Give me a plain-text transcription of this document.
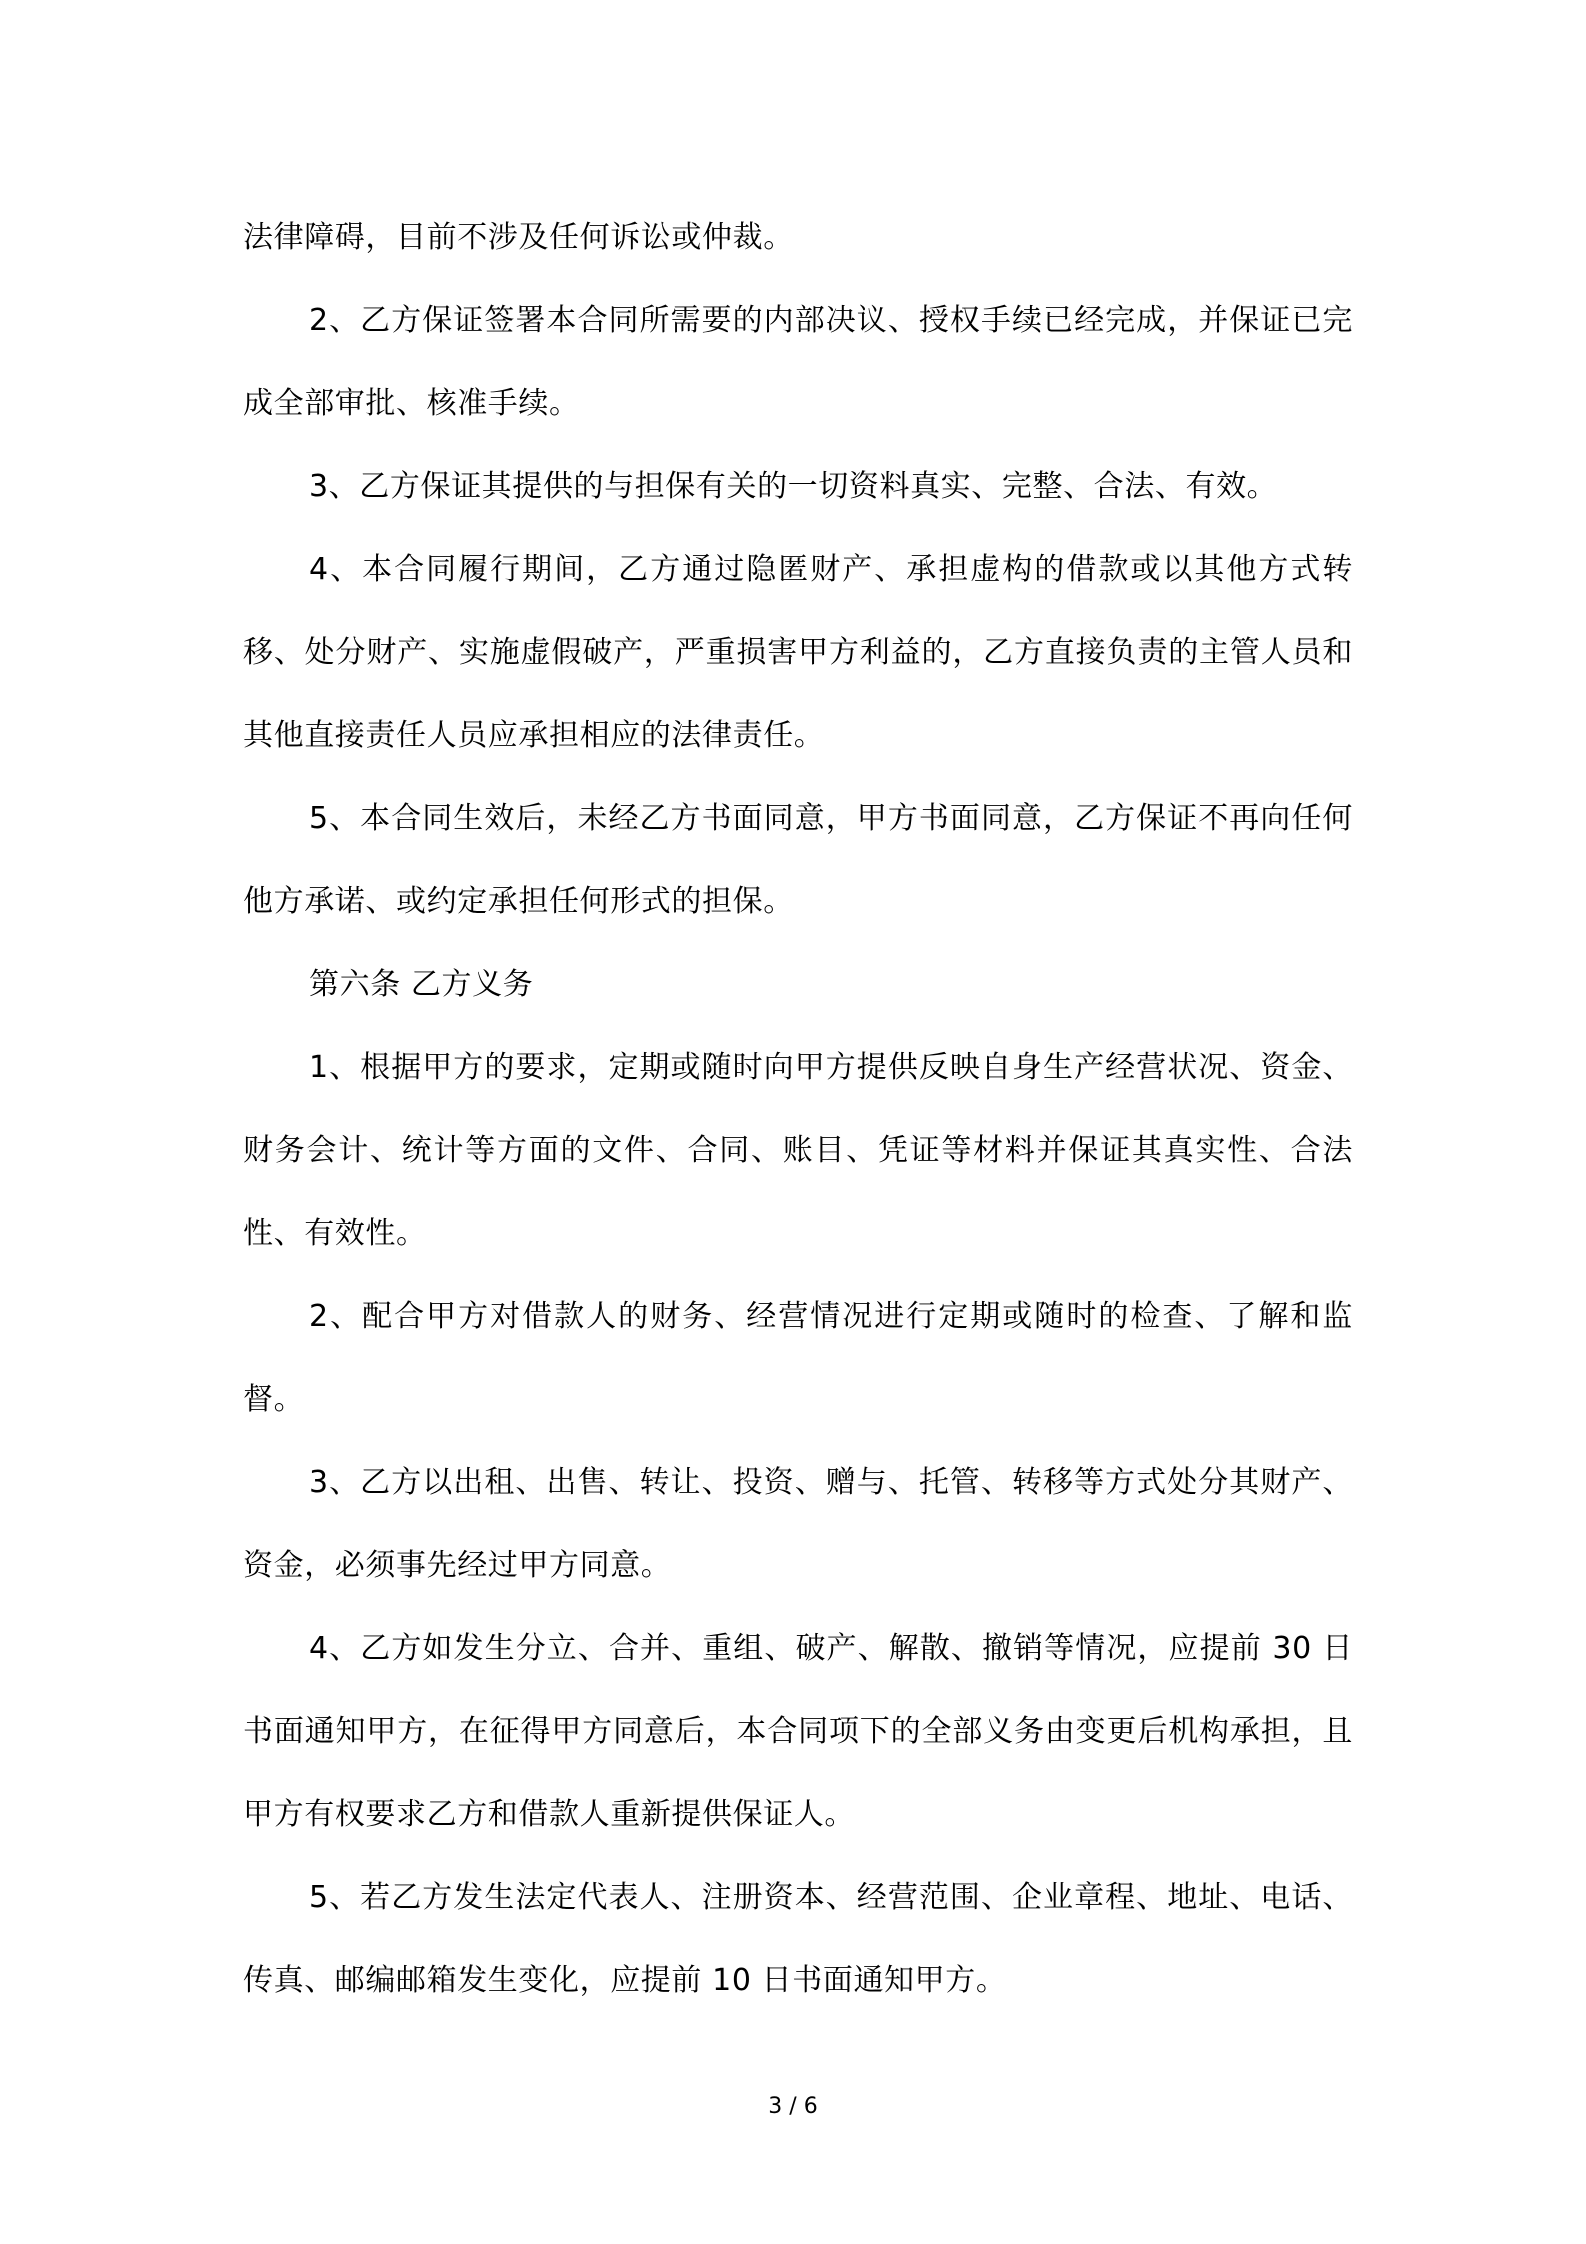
法律障碍，目前不涉及任何诉讼或仲裁。

2、乙方保证签署本合同所需要的内部决议、授权手续已经完成，并保证已完成全部审批、核准手续。

3、乙方保证其提供的与担保有关的一切资料真实、完整、合法、有效。

4、本合同履行期间，乙方通过隐匿财产、承担虚构的借款或以其他方式转移、处分财产、实施虚假破产，严重损害甲方利益的，乙方直接负责的主管人员和其他直接责任人员应承担相应的法律责任。

5、本合同生效后，未经乙方书面同意，甲方书面同意，乙方保证不再向任何他方承诺、或约定承担任何形式的担保。

第六条 乙方义务

1、根据甲方的要求，定期或随时向甲方提供反映自身生产经营状况、资金、财务会计、统计等方面的文件、合同、账目、凭证等材料并保证其真实性、合法性、有效性。

2、配合甲方对借款人的财务、经营情况进行定期或随时的检查、了解和监督。

3、乙方以出租、出售、转让、投资、赠与、托管、转移等方式处分其财产、资金，必须事先经过甲方同意。

4、乙方如发生分立、合并、重组、破产、解散、撤销等情况，应提前 30 日书面通知甲方，在征得甲方同意后，本合同项下的全部义务由变更后机构承担，且甲方有权要求乙方和借款人重新提供保证人。

5、若乙方发生法定代表人、注册资本、经营范围、企业章程、地址、电话、传真、邮编邮箱发生变化，应提前 10 日书面通知甲方。

3 / 6
